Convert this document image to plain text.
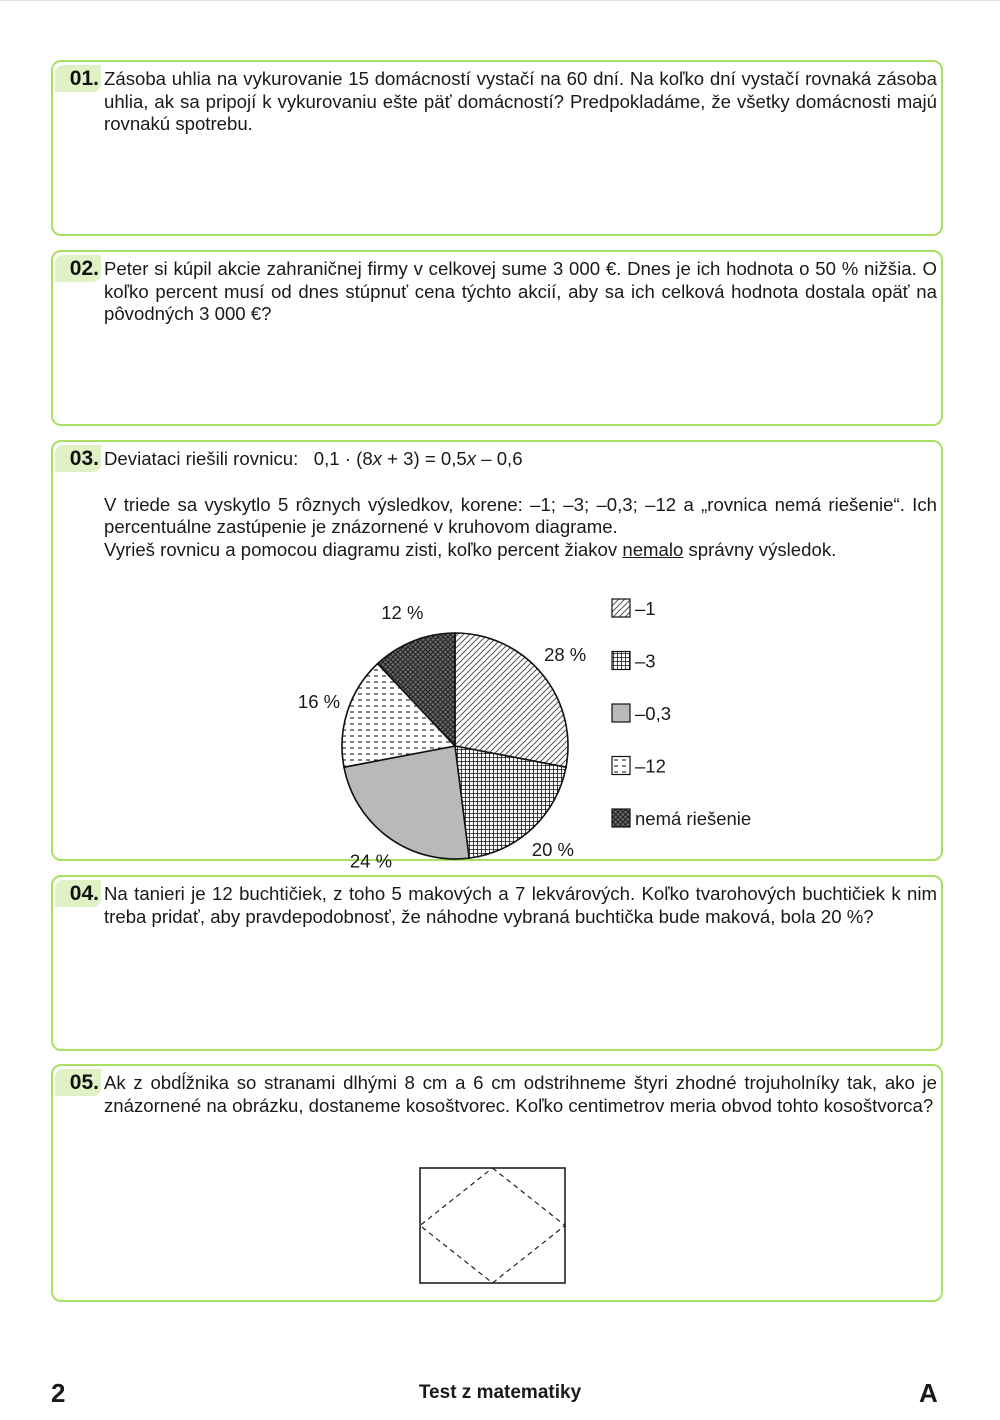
01. Zásoba uhlia na vykurovanie 15 domácností vystačí na 60 dní. Na koľko dní vystačí rovnaká zásoba uhlia, ak sa pripojí k vykurovaniu ešte päť domácností? Predpokladáme, že všetky domácnosti majú rovnakú spotrebu.

02. Peter si kúpil akcie zahraničnej firmy v celkovej sume 3 000 €. Dnes je ich hodnota o 50 % nižšia. O koľko percent musí od dnes stúpnuť cena týchto akcií, aby sa ich celková hodnota dostala opäť na pôvodných 3 000 €?

03. Deviataci riešili rovnicu: 0,1 · (8x + 3) = 0,5x – 0,6

V triede sa vyskytlo 5 rôznych výsledkov, korene: –1; –3; –0,3; –12 a „rovnica nemá riešenie“. Ich percentuálne zastúpenie je znázornené v kruhovom diagrame.

Vyrieš rovnicu a pomocou diagramu zisti, koľko percent žiakov nemalo správny výsledok.

28 %
20 %
24 %
16 %
12 %	–1
–3
–0,3
–12
nemá riešenie
04. Na tanieri je 12 buchtičiek, z toho 5 makových a 7 lekvárových. Koľko tvarohových buchtičiek k nim treba pridať, aby pravdepodobnosť, že náhodne vybraná buchtička bude maková, bola 20 %?

05. Ak z obdĺžnika so stranami dlhými 8 cm a 6 cm odstrihneme štyri zhodné trojuholníky tak, ako je znázornené na obrázku, dostaneme kosoštvorec. Koľko centimetrov meria obvod tohto kosoštvorca?

2	Test z matematiky	A
